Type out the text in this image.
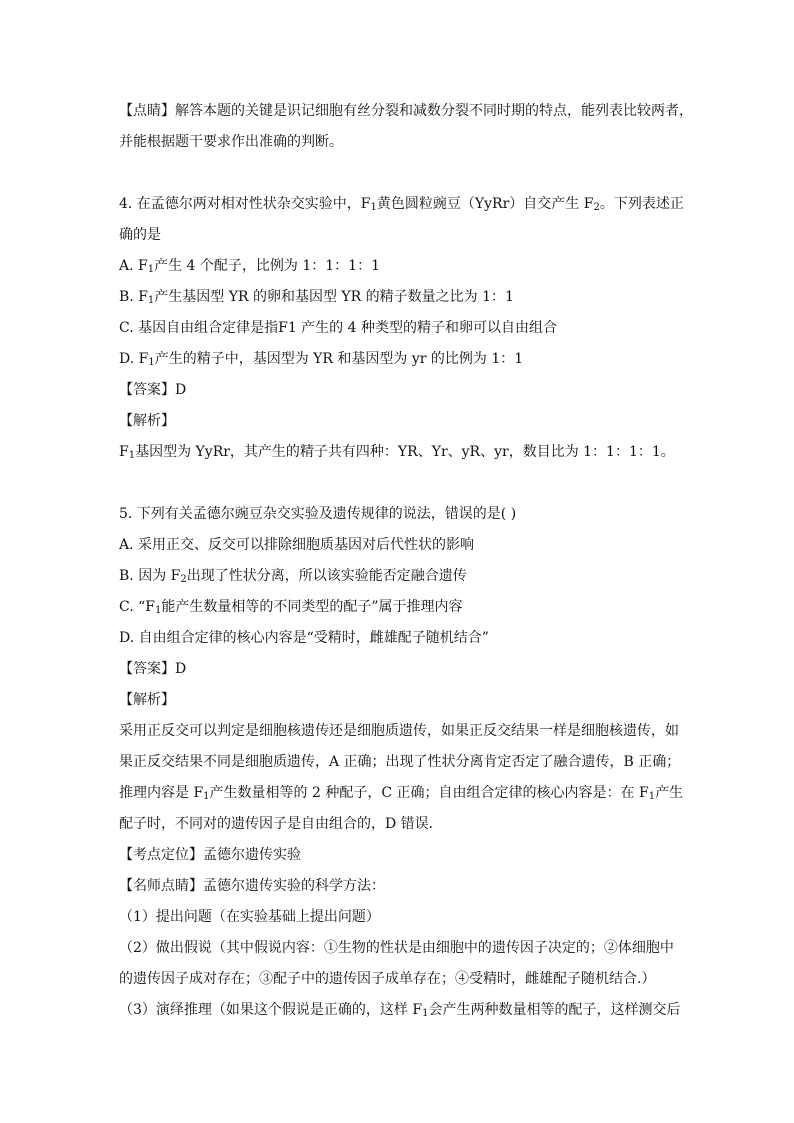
【点睛】解答本题的关键是识记细胞有丝分裂和减数分裂不同时期的特点，能列表比较两者，
并能根据题干要求作出准确的判断。
4. 在孟德尔两对相对性状杂交实验中，$F_1$黄色圆粒豌豆（YyRr）自交产生 $F_2$。下列表述正
确的是
A. $F_1$产生 4 个配子，比例为 1：1：1：1
B. $F_1$产生基因型 YR 的卵和基因型 YR 的精子数量之比为 1：1
C. 基因自由组合定律是指F1 产生的 4 种类型的精子和卵可以自由组合
D. $F_1$产生的精子中，基因型为 YR 和基因型为 yr 的比例为 1：1
【答案】D
【解析】
$F_1$基因型为 YyRr，其产生的精子共有四种：YR、Yr、yR、yr，数目比为 1：1：1：1。
5. 下列有关孟德尔豌豆杂交实验及遗传规律的说法，错误的是( )
A. 采用正交、反交可以排除细胞质基因对后代性状的影响
B. 因为 $F_2$出现了性状分离，所以该实验能否定融合遗传
C. “$F_1$能产生数量相等的不同类型的配子”属于推理内容
D. 自由组合定律的核心内容是“受精时，雌雄配子随机结合”
【答案】D
【解析】
采用正反交可以判定是细胞核遗传还是细胞质遗传，如果正反交结果一样是细胞核遗传，如
果正反交结果不同是细胞质遗传，A 正确；出现了性状分离肯定否定了融合遗传，B 正确；
推理内容是 $F_1$产生数量相等的 2 种配子，C 正确；自由组合定律的核心内容是：在 $F_1$产生
配子时，不同对的遗传因子是自由组合的，D 错误．
【考点定位】孟德尔遗传实验
【名师点睛】孟德尔遗传实验的科学方法：
（1）提出问题（在实验基础上提出问题）
（2）做出假说（其中假说内容：①生物的性状是由细胞中的遗传因子决定的；②体细胞中
的遗传因子成对存在；③配子中的遗传因子成单存在；④受精时，雌雄配子随机结合.）
（3）演绎推理（如果这个假说是正确的，这样 $F_1$会产生两种数量相等的配子，这样测交后
